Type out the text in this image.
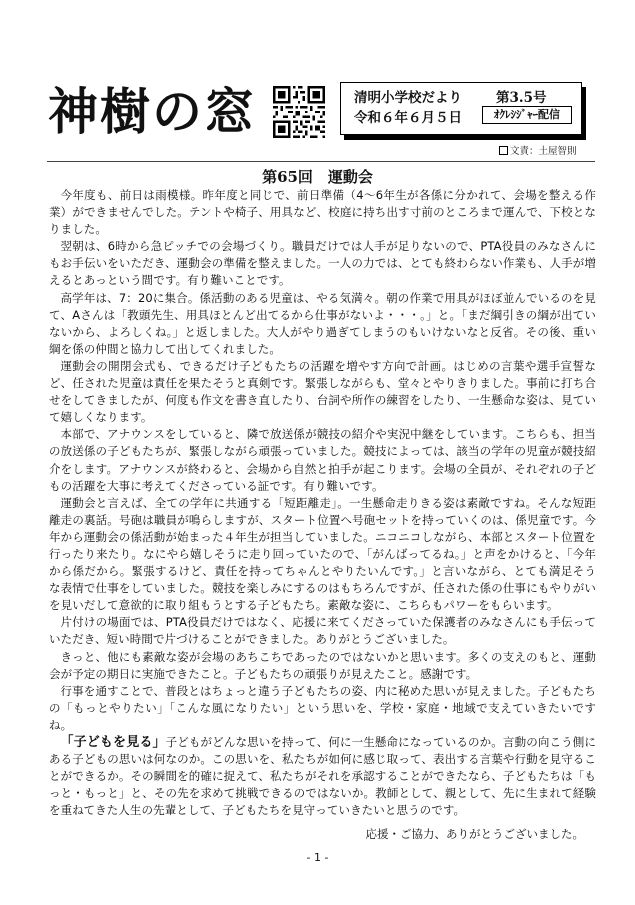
神樹の窓	清明小学校だより	第3.5号
令和６年６月５日	ｵｸﾚｼｼﾞｬｰ配信
文責：土屋智則
第65回　運動会

今年度も、前日は雨模様。昨年度と同じで、前日準備（4～6年生が各係に分かれて、会場を整える作業）ができませんでした。テントや椅子、用具など、校庭に持ち出す寸前のところまで運んで、下校となりました。

翌朝は、6時から急ピッチでの会場づくり。職員だけでは人手が足りないので、PTA役員のみなさんにもお手伝いをいただき、運動会の準備を整えました。一人の力では、とても終わらない作業も、人手が増えるとあっという間です。有り難いことです。

高学年は、7：20に集合。係活動のある児童は、やる気満々。朝の作業で用具がほぼ並んでいるのを見て、Aさんは「教頭先生、用具ほとんど出てるから仕事がないよ・・・。」と。「まだ綱引きの綱が出ていないから、よろしくね。」と返しました。大人がやり過ぎてしまうのもいけないなと反省。その後、重い綱を係の仲間と協力して出してくれました。

運動会の開閉会式も、できるだけ子どもたちの活躍を増やす方向で計画。はじめの言葉や選手宣誓など、任された児童は責任を果たそうと真剣です。緊張しながらも、堂々とやりきりました。事前に打ち合せをしてきましたが、何度も作文を書き直したり、台詞や所作の練習をしたり、一生懸命な姿は、見ていて嬉しくなります。

本部で、アナウンスをしていると、隣で放送係が競技の紹介や実況中継をしています。こちらも、担当の放送係の子どもたちが、緊張しながら頑張っていました。競技によっては、該当の学年の児童が競技紹介をします。アナウンスが終わると、会場から自然と拍手が起こります。会場の全員が、それぞれの子どもの活躍を大事に考えてくださっている証です。有り難いです。

運動会と言えば、全ての学年に共通する「短距離走」。一生懸命走りきる姿は素敵ですね。そんな短距離走の裏話。号砲は職員が鳴らしますが、スタート位置へ号砲セットを持っていくのは、係児童です。今年から運動会の係活動が始まった４年生が担当していました。ニコニコしながら、本部とスタート位置を行ったり来たり。なにやら嬉しそうに走り回っていたので、「がんばってるね。」と声をかけると、「今年から係だから。緊張するけど、責任を持ってちゃんとやりたいんです。」と言いながら、とても満足そうな表情で仕事をしていました。競技を楽しみにするのはもちろんですが、任された係の仕事にもやりがいを見いだして意欲的に取り組もうとする子どもたち。素敵な姿に、こちらもパワーをもらいます。

片付けの場面では、PTA役員だけではなく、応援に来てくださっていた保護者のみなさんにも手伝っていただき、短い時間で片づけることができました。ありがとうございました。

きっと、他にも素敵な姿が会場のあちこちであったのではないかと思います。多くの支えのもと、運動会が予定の期日に実施できたこと。子どもたちの頑張りが見えたこと。感謝です。

行事を通すことで、普段とはちょっと違う子どもたちの姿、内に秘めた思いが見えました。子どもたちの「もっとやりたい」「こんな風になりたい」という思いを、学校・家庭・地域で支えていきたいですね。

「子どもを見る」子どもがどんな思いを持って、何に一生懸命になっているのか。言動の向こう側にある子どもの思いは何なのか。この思いを、私たちが如何に感じ取って、表出する言葉や行動を見守ることができるか。その瞬間を的確に捉えて、私たちがそれを承認することができたなら、子どもたちは「もっと・もっと」と、その先を求めて挑戦できるのではないか。教師として、親として、先に生まれて経験を重ねてきた人生の先輩として、子どもたちを見守っていきたいと思うのです。

応援・ご協力、ありがとうございました。

- 1 -
